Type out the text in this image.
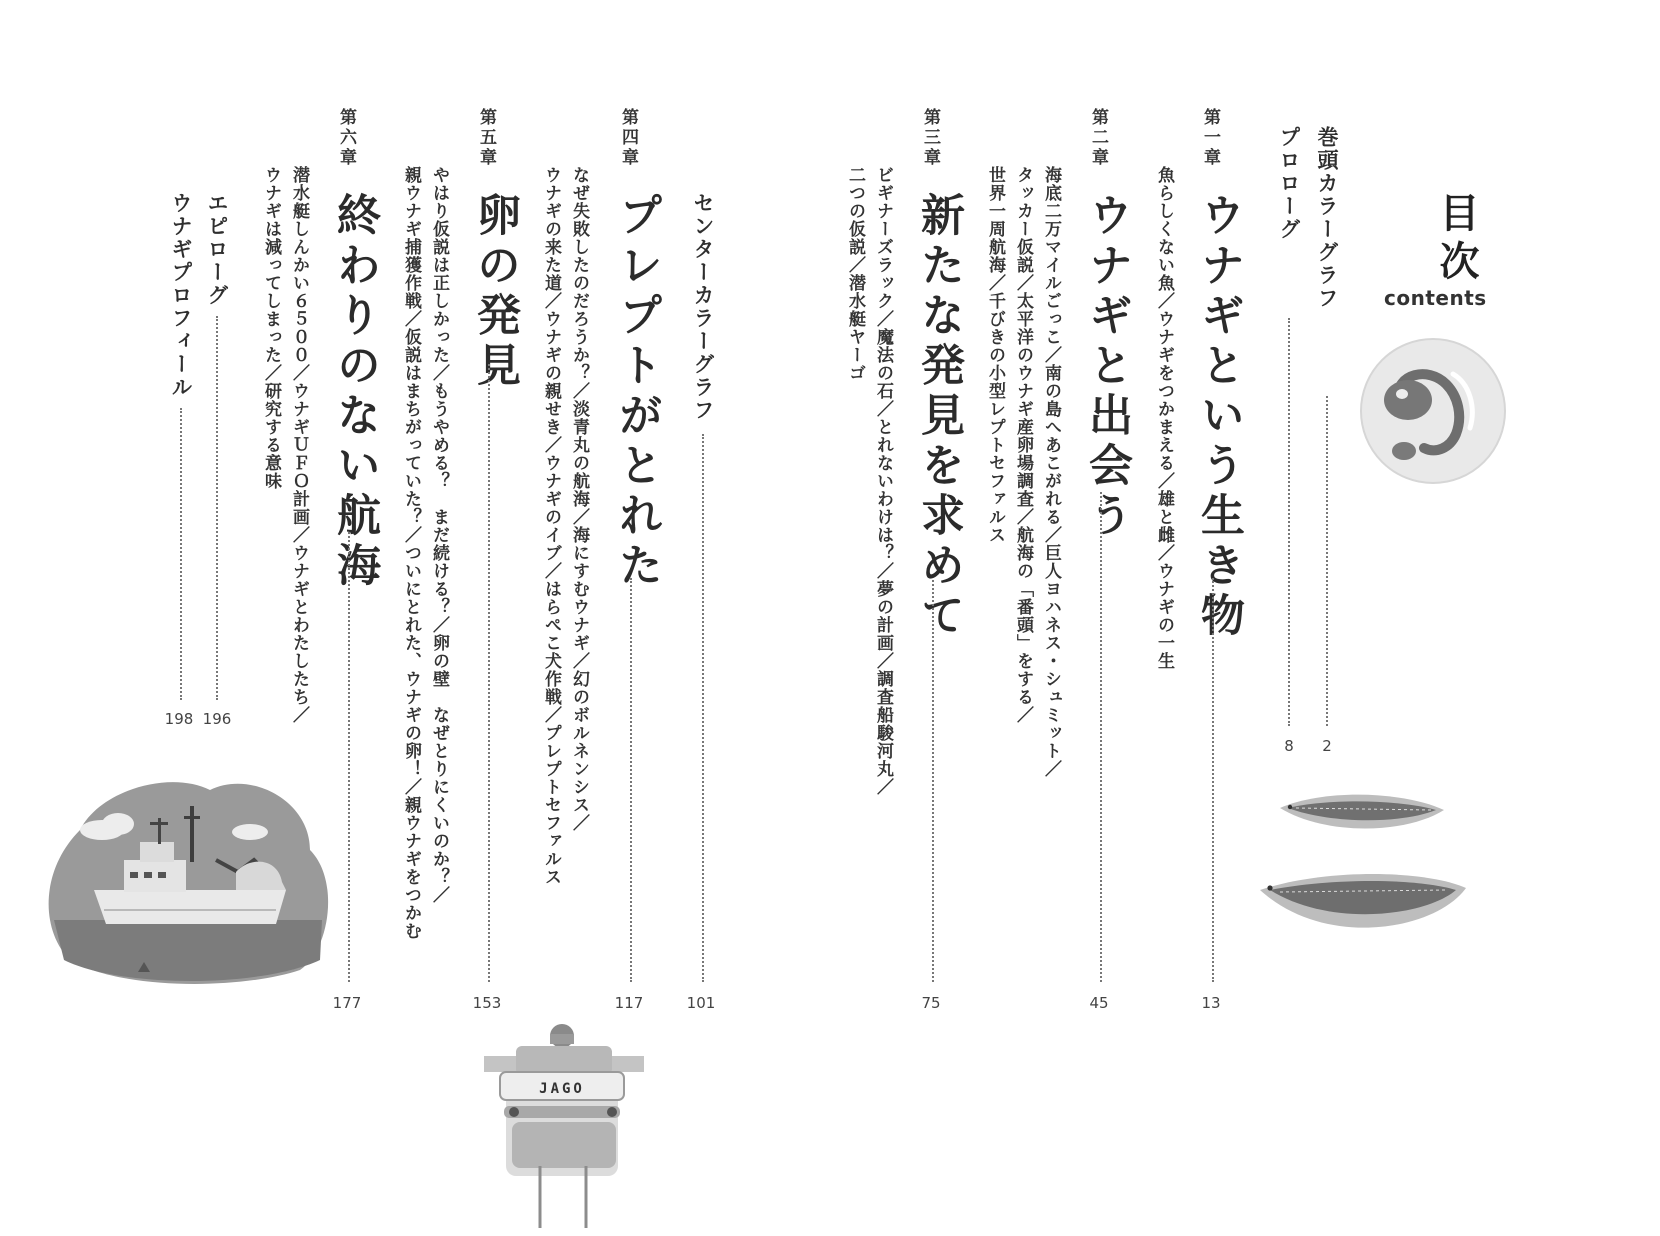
目次
contents
巻頭カラーグラフ
2
プロローグ
8
第一章
ウナギという生き物
13
魚らしくない魚／ウナギをつかまえる／雄と雌／ウナギの一生
第二章
ウナギと出会う
45
海底二万マイルごっこ／南の島へあこがれる／巨人ヨハネス・シュミット／
タッカー仮説／太平洋のウナギ産卵場調査／航海の「番頭」をする／
世界一周航海／千びきの小型レプトセファルス
第三章
新たな発見を求めて
75
ビギナーズラック／魔法の石／とれないわけは？／夢の計画／調査船駿河丸／
二つの仮説／潜水艇ヤーゴ
センターカラーグラフ
101
第四章
プレプトがとれた
117
なぜ失敗したのだろうか？／淡青丸の航海／海にすむウナギ／幻のボルネンシス／
ウナギの来た道／ウナギの親せき／ウナギのイブ／はらぺこ犬作戦／プレプトセファルス
第五章
卵の発見
153
やはり仮説は正しかった／もうやめる？　まだ続ける？／卵の壁　なぜとりにくいのか？／
親ウナギ捕獲作戦／仮説はまちがっていた？／ついにとれた、ウナギの卵！／親ウナギをつかむ
第六章
終わりのない航海
177
潜水艇しんかい６５００／ウナギＵＦＯ計画／ウナギとわたしたち／
ウナギは減ってしまった／研究する意味
エピローグ
196
ウナギプロフィール
198
JAGO
